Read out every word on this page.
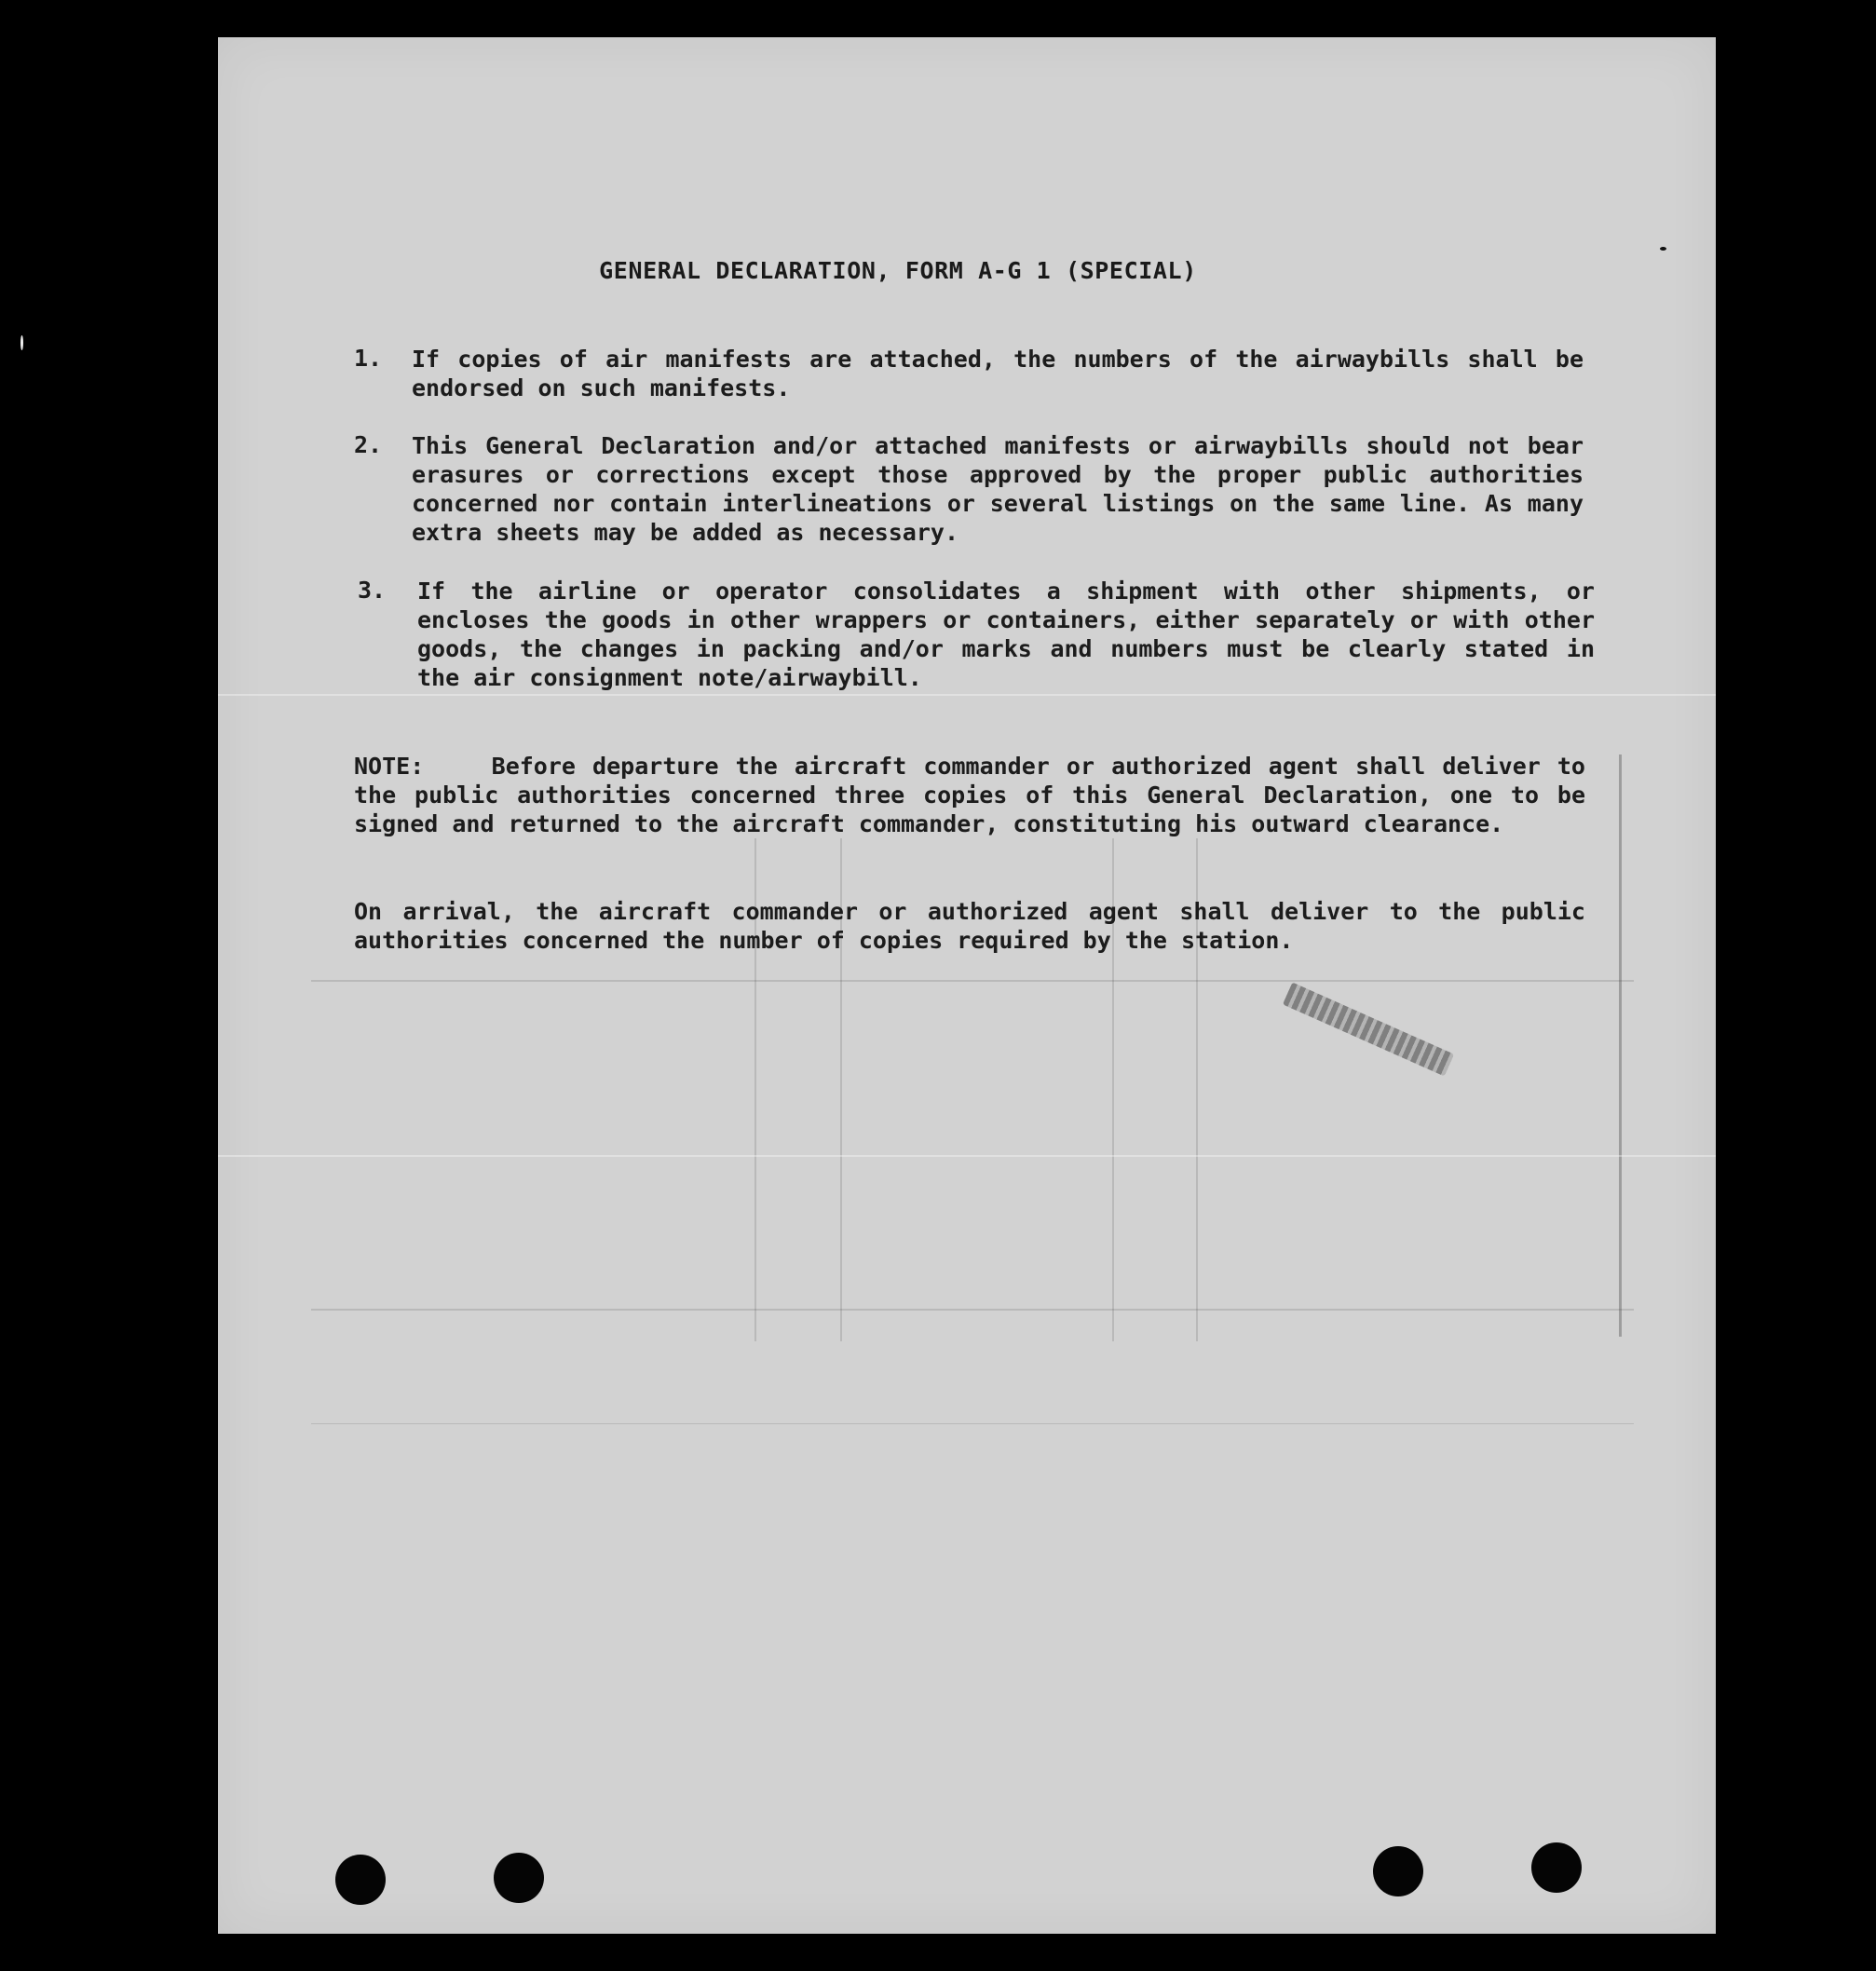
GENERAL DECLARATION, FORM A-G 1 (SPECIAL)

1. If copies of air manifests are attached, the numbers of the airwaybills shall be endorsed on such manifests.

2. This General Declaration and/or attached manifests or airwaybills should not bear erasures or corrections except those approved by the proper public authorities concerned nor contain interlineations or several listings on the same line. As many extra sheets may be added as necessary.

3. If the airline or operator consolidates a shipment with other shipments, or encloses the goods in other wrappers or containers, either separately or with other goods, the changes in packing and/or marks and numbers must be clearly stated in the air consignment note/airwaybill.

NOTE:	Before departure the aircraft commander or authorized agent shall deliver to the public authorities concerned three copies of this General Declaration, one to be signed and returned to the aircraft commander, constituting his outward clearance.

On arrival, the aircraft commander or authorized agent shall deliver to the public authorities concerned the number of copies required by the station.
